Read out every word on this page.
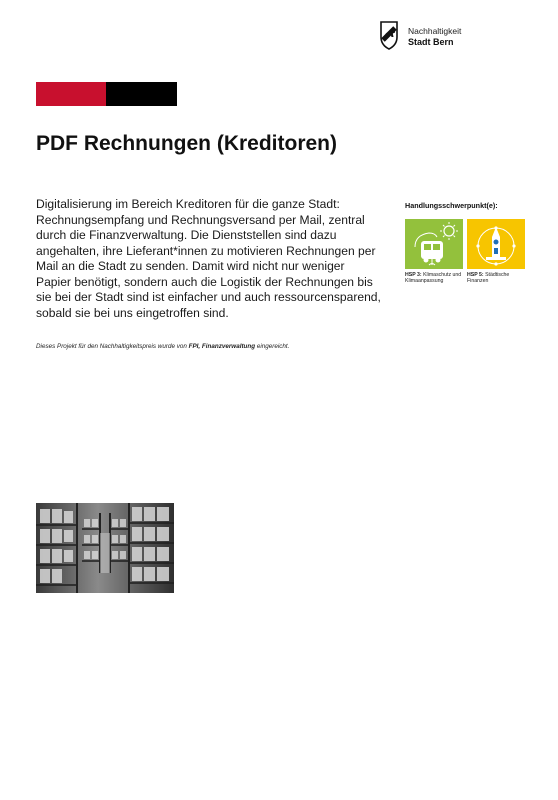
Nachhaltigkeit
Stadt Bern
PDF Rechnungen (Kreditoren)

Digitalisierung im Bereich Kreditoren für die ganze Stadt: Rechnungsempfang und Rechnungsversand per Mail, zentral durch die Finanzverwaltung. Die Dienststellen sind dazu angehalten, ihre Lieferant*innen zu motivieren Rechnungen per Mail an die Stadt zu senden. Damit wird nicht nur weniger Papier benötigt, sondern auch die Logistik der Rechnungen bis sie bei der Stadt sind ist einfacher und auch ressourcensparend, sobald sie bei uns eingetroffen sind.

Dieses Projekt für den Nachhaltigkeitspreis wurde von FPI, Finanzverwaltung eingereicht.

Handlungsschwerpunkt(e):
HSP 3: Klimaschutz und Klimaanpassung
HSP 5: Städtische Finanzen
